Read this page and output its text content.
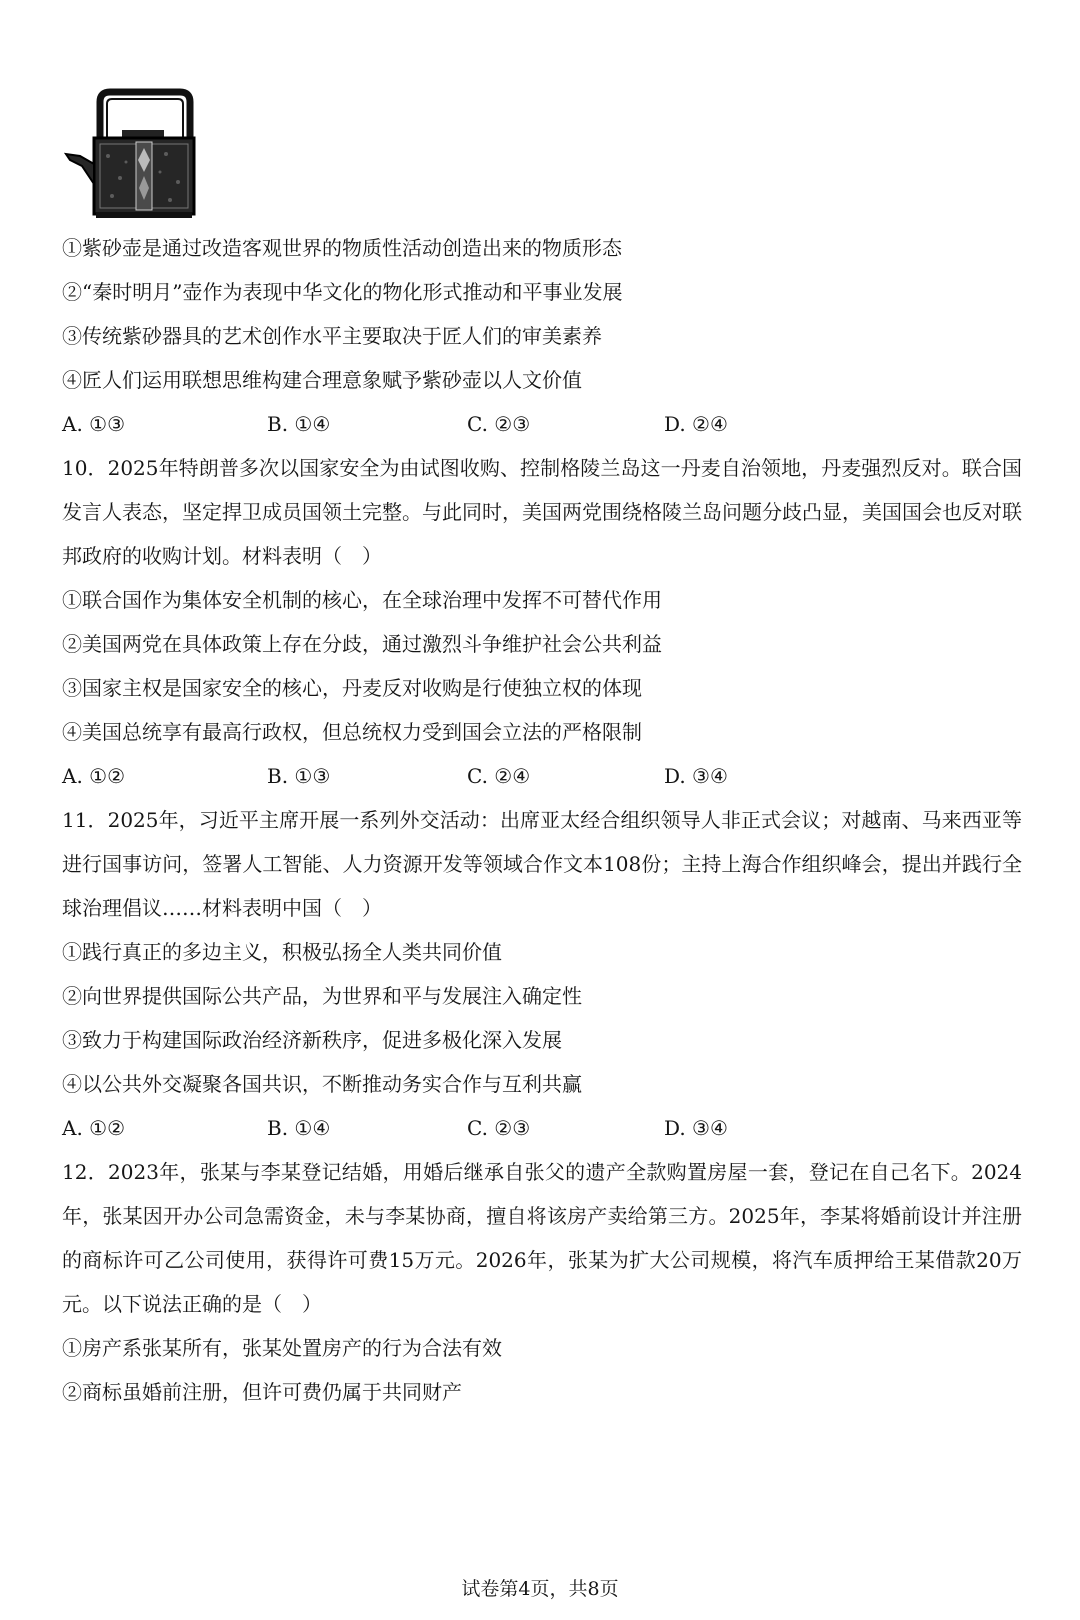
①紫砂壶是通过改造客观世界的物质性活动创造出来的物质形态
②“秦时明月”壶作为表现中华文化的物化形式推动和平事业发展
③传统紫砂器具的艺术创作水平主要取决于匠人们的审美素养
④匠人们运用联想思维构建合理意象赋予紫砂壶以人文价值
A. ①③	B. ①④	C. ②③	D. ②④
10．2025年特朗普多次以国家安全为由试图收购、控制格陵兰岛这一丹麦自治领地，丹麦强烈反对。联合国发言人表态，坚定捍卫成员国领土完整。与此同时，美国两党围绕格陵兰岛问题分歧凸显，美国国会也反对联邦政府的收购计划。材料表明（　）
①联合国作为集体安全机制的核心，在全球治理中发挥不可替代作用
②美国两党在具体政策上存在分歧，通过激烈斗争维护社会公共利益
③国家主权是国家安全的核心，丹麦反对收购是行使独立权的体现
④美国总统享有最高行政权，但总统权力受到国会立法的严格限制
A. ①②	B. ①③	C. ②④	D. ③④
11．2025年，习近平主席开展一系列外交活动：出席亚太经合组织领导人非正式会议；对越南、马来西亚等进行国事访问，签署人工智能、人力资源开发等领域合作文本108份；主持上海合作组织峰会，提出并践行全球治理倡议……材料表明中国（　）
①践行真正的多边主义，积极弘扬全人类共同价值
②向世界提供国际公共产品，为世界和平与发展注入确定性
③致力于构建国际政治经济新秩序，促进多极化深入发展
④以公共外交凝聚各国共识，不断推动务实合作与互利共赢
A. ①②	B. ①④	C. ②③	D. ③④
12．2023年，张某与李某登记结婚，用婚后继承自张父的遗产全款购置房屋一套，登记在自己名下。2024年，张某因开办公司急需资金，未与李某协商，擅自将该房产卖给第三方。2025年，李某将婚前设计并注册的商标许可乙公司使用，获得许可费15万元。2026年，张某为扩大公司规模，将汽车质押给王某借款20万元。以下说法正确的是（　）
①房产系张某所有，张某处置房产的行为合法有效
②商标虽婚前注册，但许可费仍属于共同财产
试卷第4页，共8页
